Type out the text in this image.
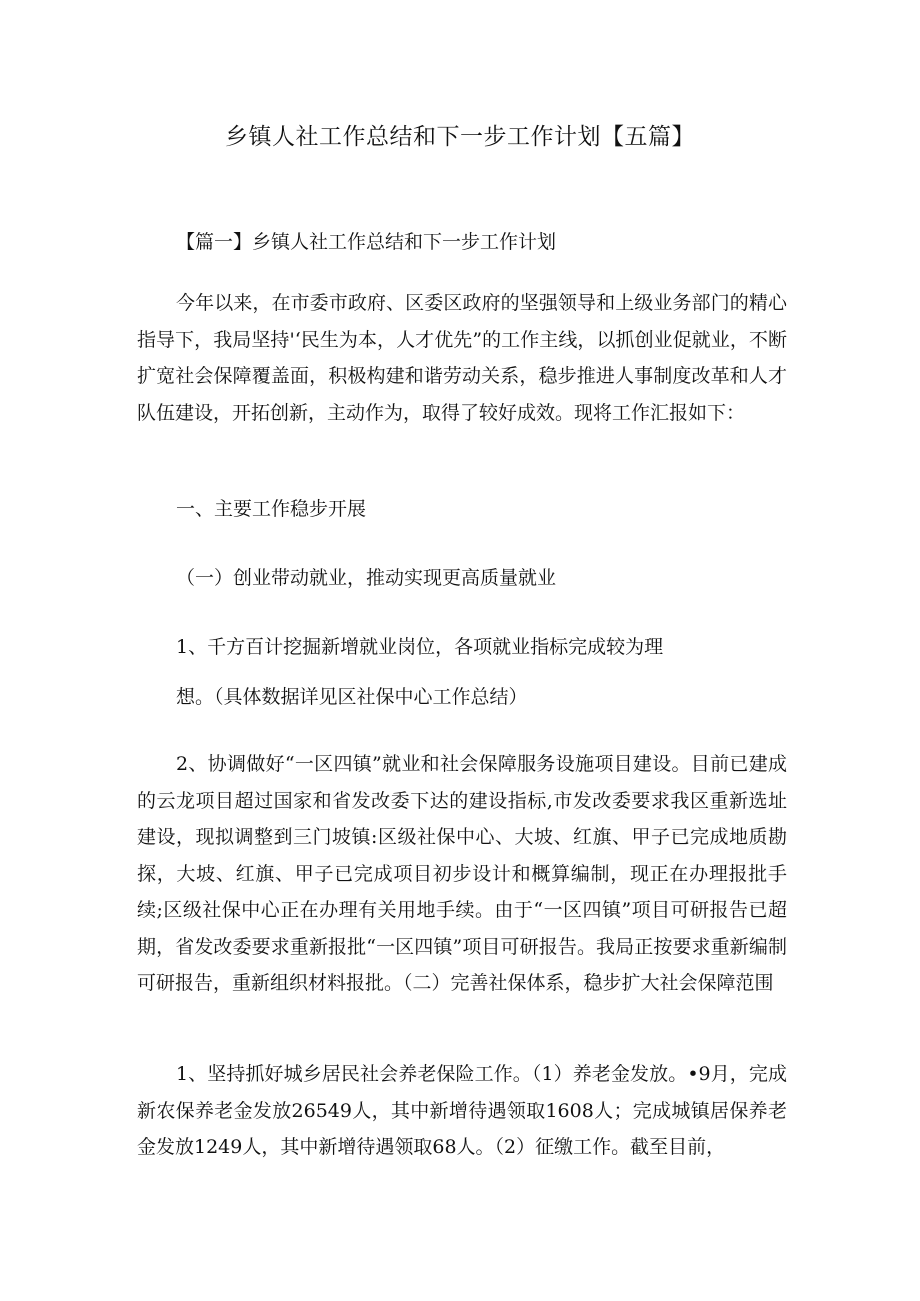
乡镇人社工作总结和下一步工作计划【五篇】
【篇一】乡镇人社工作总结和下一步工作计划
今年以来，在市委市政府、区委区政府的坚强领导和上级业务部门的精心指导下，我局坚持'‘民生为本，人才优先”的工作主线，以抓创业促就业，不断扩宽社会保障覆盖面，积极构建和谐劳动关系，稳步推进人事制度改革和人才队伍建设，开拓创新，主动作为，取得了较好成效。现将工作汇报如下：
一、主要工作稳步开展
（一）创业带动就业，推动实现更高质量就业
1、千方百计挖掘新增就业岗位，各项就业指标完成较为理
想。（具体数据详见区社保中心工作总结）
2、协调做好“一区四镇”就业和社会保障服务设施项目建设。目前已建成的云龙项目超过国家和省发改委下达的建设指标,市发改委要求我区重新选址建设，现拟调整到三门坡镇:区级社保中心、大坡、红旗、甲子已完成地质勘探，大坡、红旗、甲子已完成项目初步设计和概算编制，现正在办理报批手续;区级社保中心正在办理有关用地手续。由于“一区四镇”项目可研报告已超期，省发改委要求重新报批“一区四镇”项目可研报告。我局正按要求重新编制可研报告，重新组织材料报批。（二）完善社保体系，稳步扩大社会保障范围
1、坚持抓好城乡居民社会养老保险工作。（1）养老金发放。•9月，完成新农保养老金发放26549人，其中新增待遇领取1608人；完成城镇居保养老金发放1249人，其中新增待遇领取68人。（2）征缴工作。截至目前，
